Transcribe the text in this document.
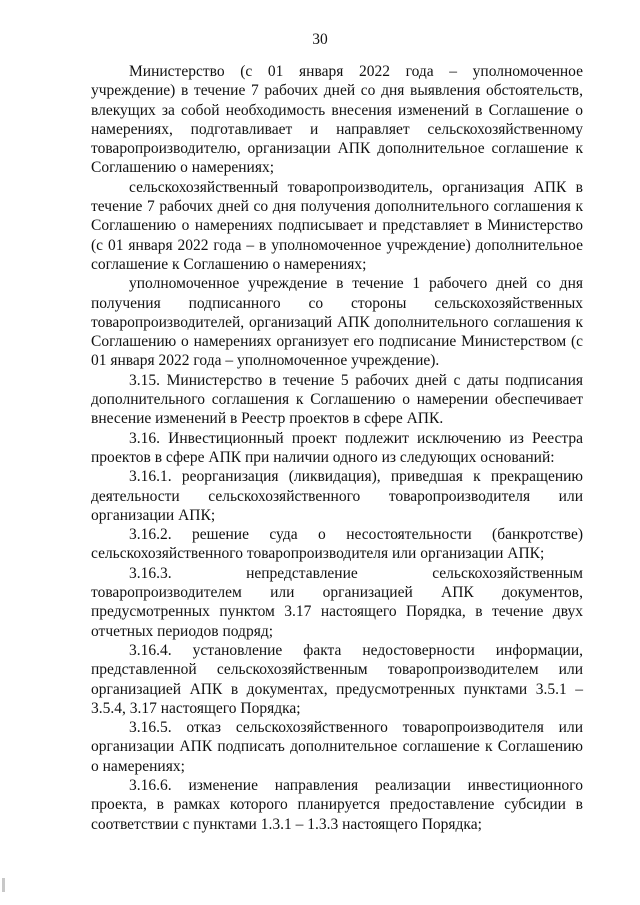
30

Министерство (с 01 января 2022 года – уполномоченное учреждение) в течение 7 рабочих дней со дня выявления обстоятельств, влекущих за собой необходимость внесения изменений в Соглашение о намерениях, подготавливает и направляет сельскохозяйственному товаропроизводителю, организации АПК дополнительное соглашение к Соглашению о намерениях;

сельскохозяйственный товаропроизводитель, организация АПК в течение 7 рабочих дней со дня получения дополнительного соглашения к Соглашению о намерениях подписывает и представляет в Министерство (с 01 января 2022 года – в уполномоченное учреждение) дополнительное соглашение к Соглашению о намерениях;

уполномоченное учреждение в течение 1 рабочего дней со дня получения подписанного со стороны сельскохозяйственных товаропроизводителей, организаций АПК дополнительного соглашения к Соглашению о намерениях организует его подписание Министерством (с 01 января 2022 года – уполномоченное учреждение).

3.15. Министерство в течение 5 рабочих дней с даты подписания дополнительного соглашения к Соглашению о намерении обеспечивает внесение изменений в Реестр проектов в сфере АПК.

3.16. Инвестиционный проект подлежит исключению из Реестра проектов в сфере АПК при наличии одного из следующих оснований:

3.16.1. реорганизация (ликвидация), приведшая к прекращению деятельности сельскохозяйственного товаропроизводителя или организации АПК;

3.16.2. решение суда о несостоятельности (банкротстве) сельскохозяйственного товаропроизводителя или организации АПК;

3.16.3. непредставление сельскохозяйственным товаропроизводителем или организацией АПК документов, предусмотренных пунктом 3.17 настоящего Порядка, в течение двух отчетных периодов подряд;

3.16.4. установление факта недостоверности информации, представленной сельскохозяйственным товаропроизводителем или организацией АПК в документах, предусмотренных пунктами 3.5.1 – 3.5.4, 3.17 настоящего Порядка;

3.16.5. отказ сельскохозяйственного товаропроизводителя или организации АПК подписать дополнительное соглашение к Соглашению о намерениях;

3.16.6. изменение направления реализации инвестиционного проекта, в рамках которого планируется предоставление субсидии в соответствии с пунктами 1.3.1 – 1.3.3 настоящего Порядка;
